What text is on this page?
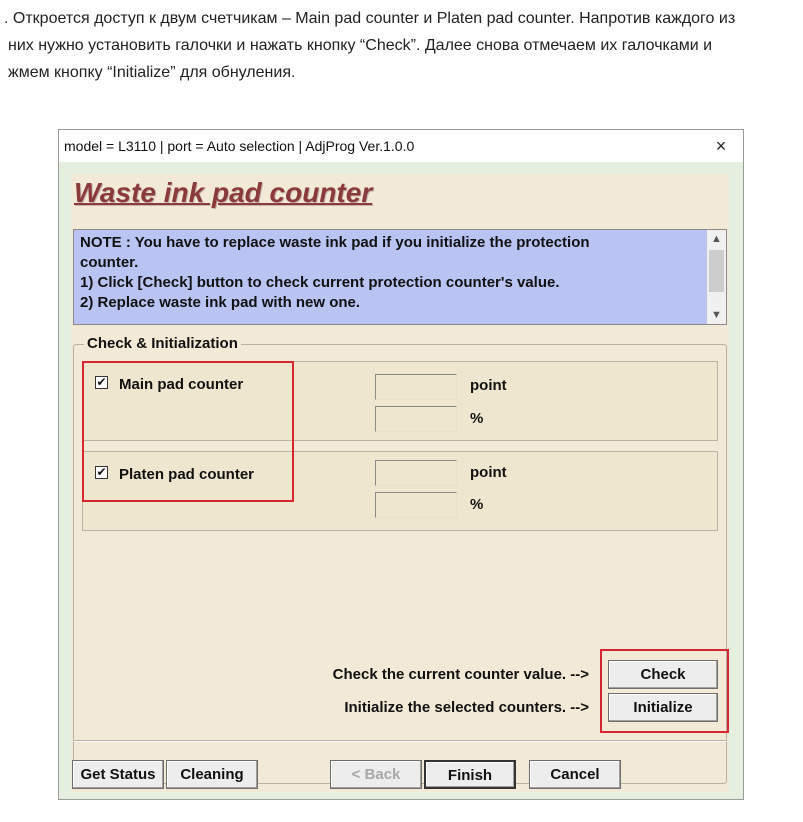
. Откроется доступ к двум счетчикам – Main pad counter и Platen pad counter. Напротив каждого из
них нужно установить галочки и нажать кнопку “Check”. Далее снова отмечаем их галочками и
жмем кнопку “Initialize” для обнуления.
model = L3110 | port = Auto selection | AdjProg Ver.1.0.0	×
Waste ink pad counter
NOTE : You have to replace waste ink pad if you initialize the protection
counter.
1) Click [Check] button to check current protection counter's value.
2) Replace waste ink pad with new one.
▲
▼
Check & Initialization
✔ Main pad counter	point
%
✔ Platen pad counter	point
%
Check the current counter value. -->	Check
Initialize the selected counters. -->	Initialize
Get Status	Cleaning	< Back	Finish	Cancel
